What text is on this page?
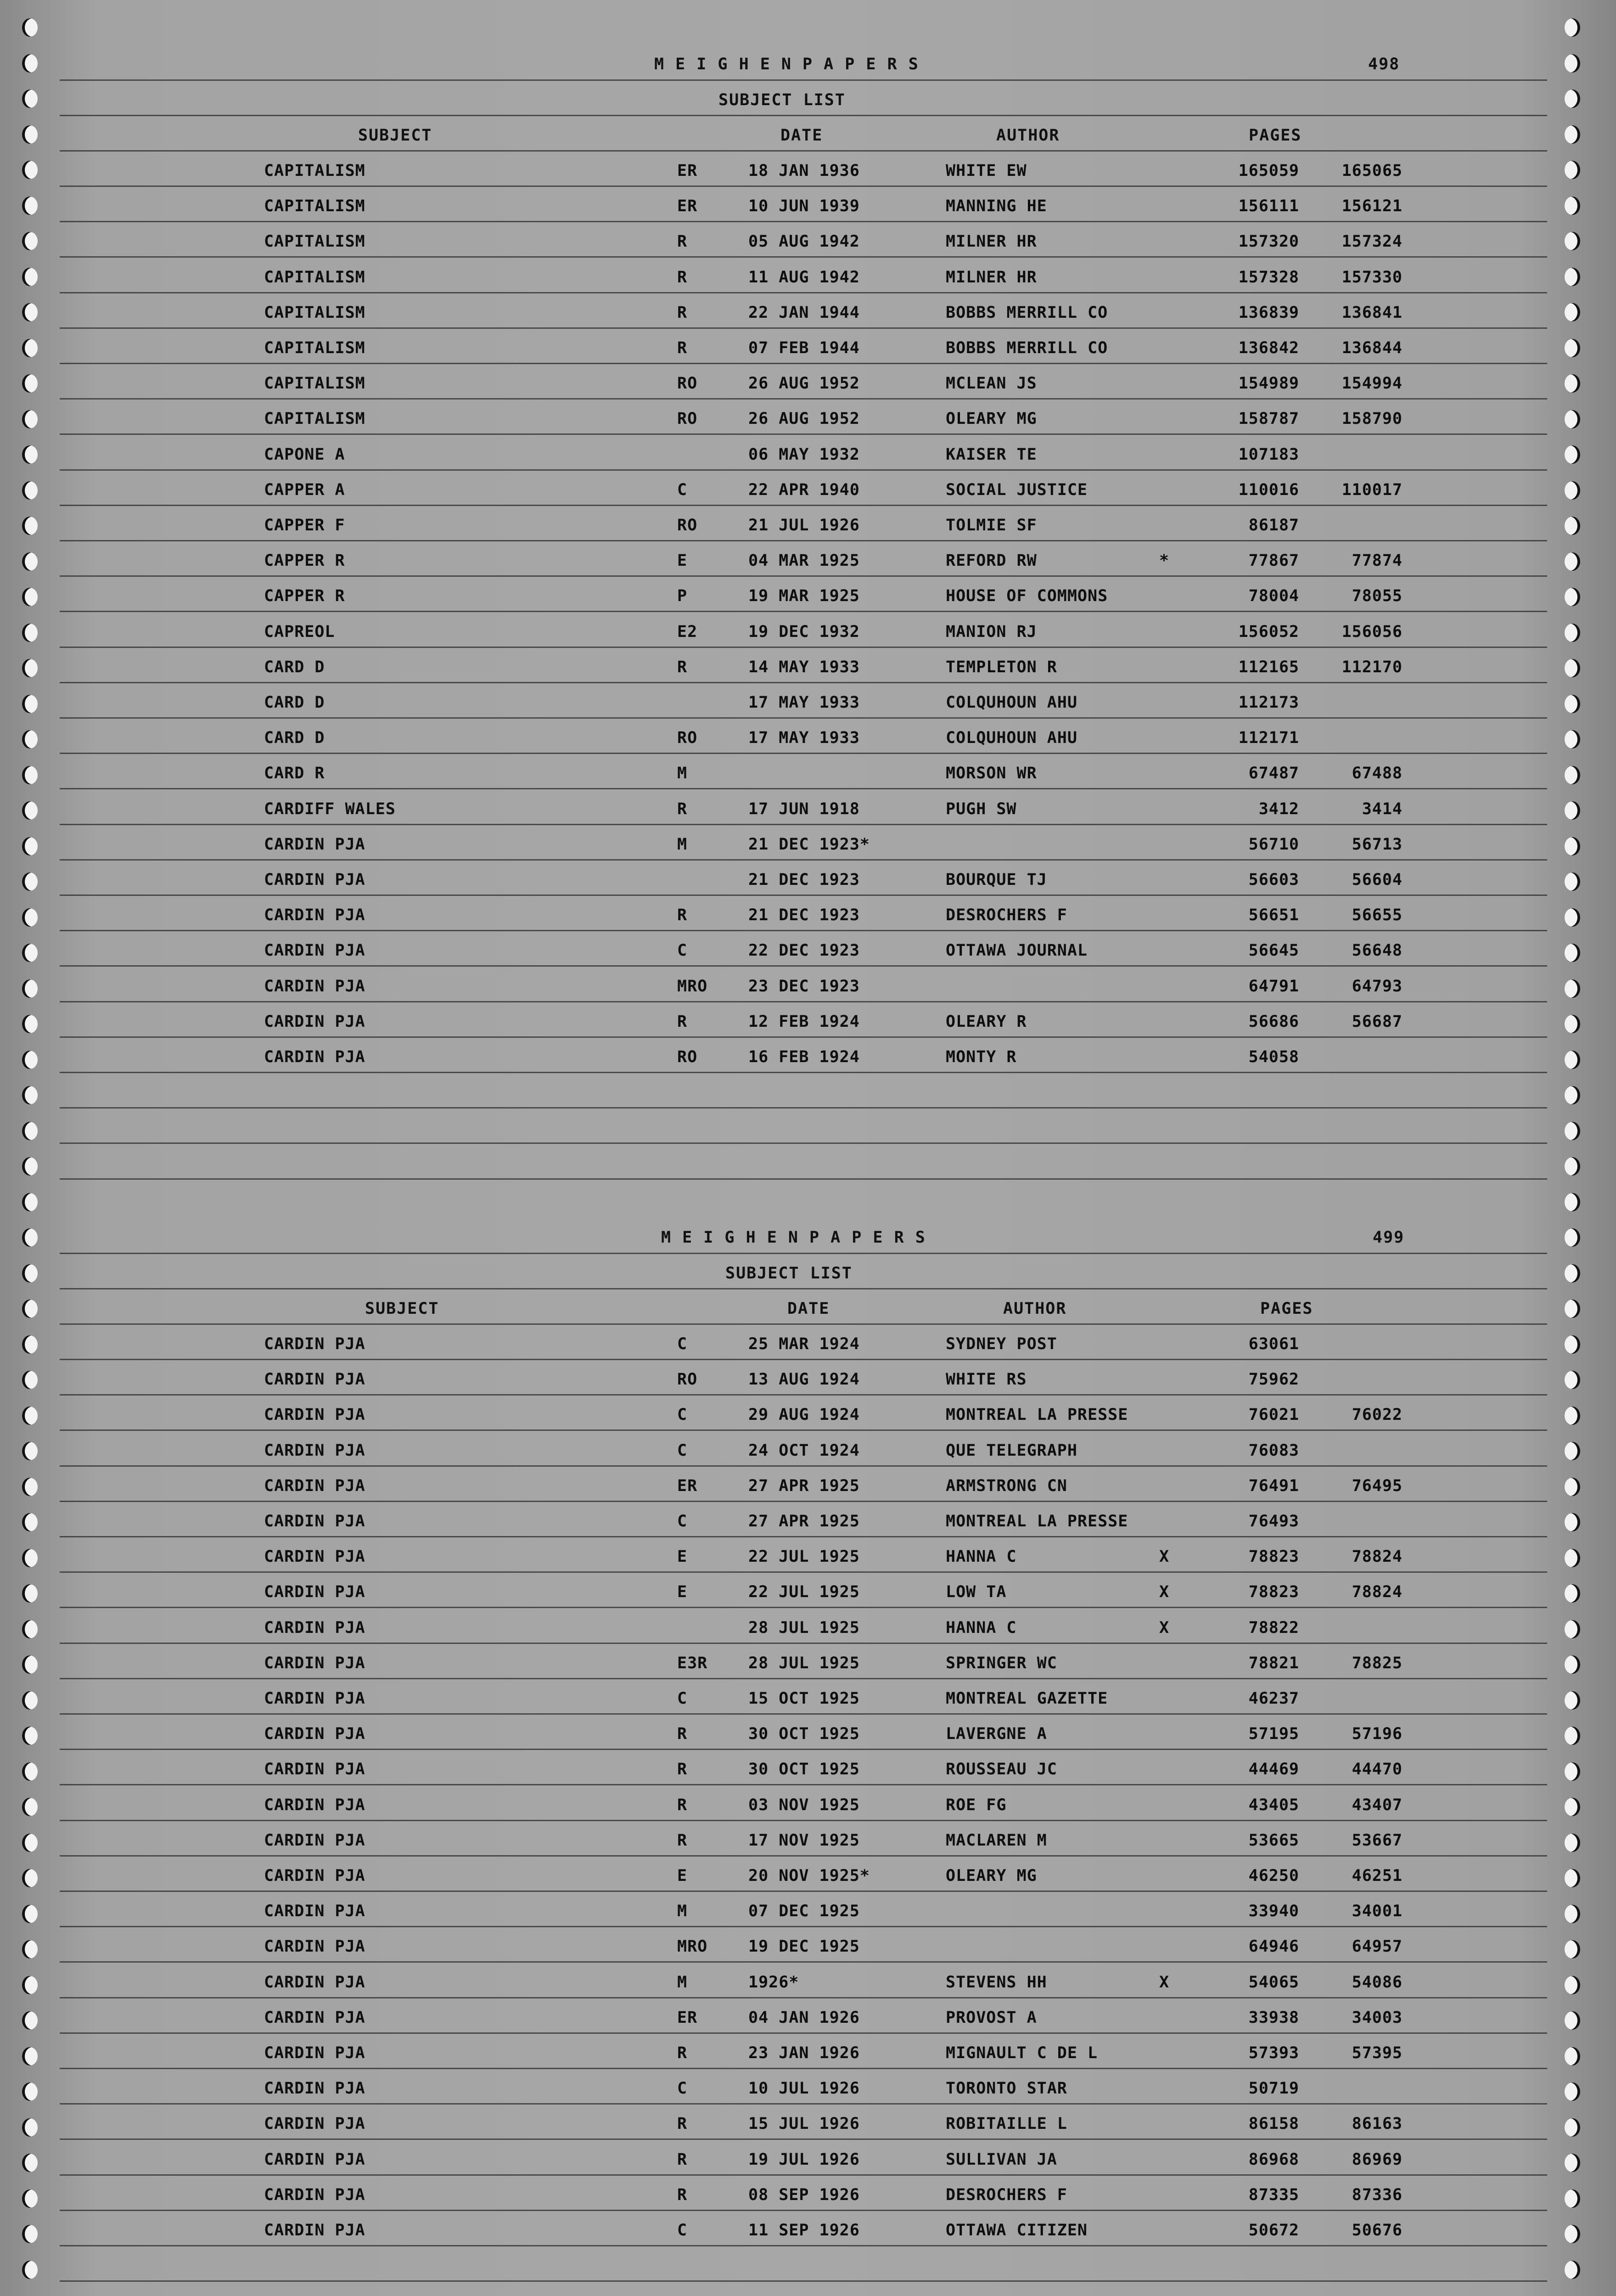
M E I G H E N P A P E R S	498
SUBJECT LIST
SUBJECT	DATE	AUTHOR	PAGES
CAPITALISM	ER	18 JAN 1936	WHITE EW	165059	165065
CAPITALISM	ER	10 JUN 1939	MANNING HE	156111	156121
CAPITALISM	R	05 AUG 1942	MILNER HR	157320	157324
CAPITALISM	R	11 AUG 1942	MILNER HR	157328	157330
CAPITALISM	R	22 JAN 1944	BOBBS MERRILL CO	136839	136841
CAPITALISM	R	07 FEB 1944	BOBBS MERRILL CO	136842	136844
CAPITALISM	RO	26 AUG 1952	MCLEAN JS	154989	154994
CAPITALISM	RO	26 AUG 1952	OLEARY MG	158787	158790
CAPONE A	06 MAY 1932	KAISER TE	107183
CAPPER A	C	22 APR 1940	SOCIAL JUSTICE	110016	110017
CAPPER F	RO	21 JUL 1926	TOLMIE SF	86187
CAPPER R	E	04 MAR 1925	REFORD RW	*	77867	77874
CAPPER R	P	19 MAR 1925	HOUSE OF COMMONS	78004	78055
CAPREOL	E2	19 DEC 1932	MANION RJ	156052	156056
CARD D	R	14 MAY 1933	TEMPLETON R	112165	112170
CARD D	17 MAY 1933	COLQUHOUN AHU	112173
CARD D	RO	17 MAY 1933	COLQUHOUN AHU	112171
CARD R	M	MORSON WR	67487	67488
CARDIFF WALES	R	17 JUN 1918	PUGH SW	3412	3414
CARDIN PJA	M	21 DEC 1923*	56710	56713
CARDIN PJA	21 DEC 1923	BOURQUE TJ	56603	56604
CARDIN PJA	R	21 DEC 1923	DESROCHERS F	56651	56655
CARDIN PJA	C	22 DEC 1923	OTTAWA JOURNAL	56645	56648
CARDIN PJA	MRO	23 DEC 1923	64791	64793
CARDIN PJA	R	12 FEB 1924	OLEARY R	56686	56687
CARDIN PJA	RO	16 FEB 1924	MONTY R	54058
M E I G H E N P A P E R S	499
SUBJECT LIST
SUBJECT	DATE	AUTHOR	PAGES
CARDIN PJA	C	25 MAR 1924	SYDNEY POST	63061
CARDIN PJA	RO	13 AUG 1924	WHITE RS	75962
CARDIN PJA	C	29 AUG 1924	MONTREAL LA PRESSE	76021	76022
CARDIN PJA	C	24 OCT 1924	QUE TELEGRAPH	76083
CARDIN PJA	ER	27 APR 1925	ARMSTRONG CN	76491	76495
CARDIN PJA	C	27 APR 1925	MONTREAL LA PRESSE	76493
CARDIN PJA	E	22 JUL 1925	HANNA C	X	78823	78824
CARDIN PJA	E	22 JUL 1925	LOW TA	X	78823	78824
CARDIN PJA	28 JUL 1925	HANNA C	X	78822
CARDIN PJA	E3R	28 JUL 1925	SPRINGER WC	78821	78825
CARDIN PJA	C	15 OCT 1925	MONTREAL GAZETTE	46237
CARDIN PJA	R	30 OCT 1925	LAVERGNE A	57195	57196
CARDIN PJA	R	30 OCT 1925	ROUSSEAU JC	44469	44470
CARDIN PJA	R	03 NOV 1925	ROE FG	43405	43407
CARDIN PJA	R	17 NOV 1925	MACLAREN M	53665	53667
CARDIN PJA	E	20 NOV 1925*	OLEARY MG	46250	46251
CARDIN PJA	M	07 DEC 1925	33940	34001
CARDIN PJA	MRO	19 DEC 1925	64946	64957
CARDIN PJA	M	1926*	STEVENS HH	X	54065	54086
CARDIN PJA	ER	04 JAN 1926	PROVOST A	33938	34003
CARDIN PJA	R	23 JAN 1926	MIGNAULT C DE L	57393	57395
CARDIN PJA	C	10 JUL 1926	TORONTO STAR	50719
CARDIN PJA	R	15 JUL 1926	ROBITAILLE L	86158	86163
CARDIN PJA	R	19 JUL 1926	SULLIVAN JA	86968	86969
CARDIN PJA	R	08 SEP 1926	DESROCHERS F	87335	87336
CARDIN PJA	C	11 SEP 1926	OTTAWA CITIZEN	50672	50676
